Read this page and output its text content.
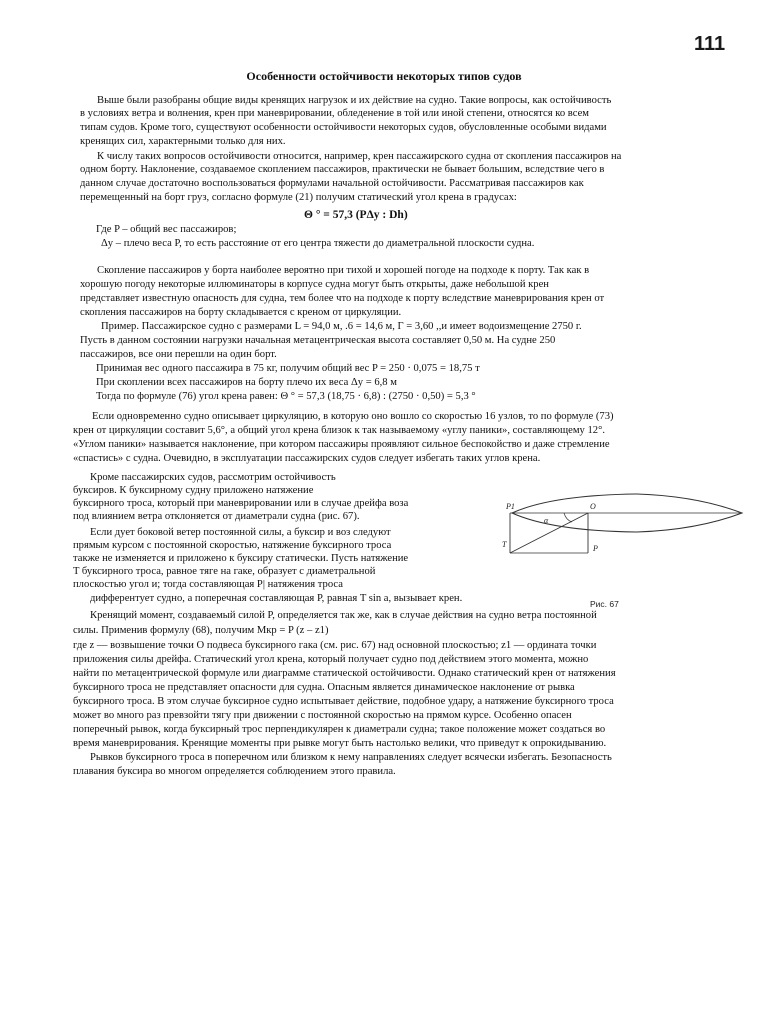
111
Особенности остойчивости некоторых типов судов

Выше были разобраны общие виды кренящих нагрузок и их действие на судно. Такие вопросы, как остойчивость

в условиях ветра и волнения, крен при маневрировании, обледенение в той или иной степени, относятся ко всем

типам судов. Кроме того, существуют особенности остойчивости некоторых судов, обусловленные особыми видами

кренящих сил, характерными только для них.

К числу таких вопросов остойчивости относится, например, крен пассажирского судна от скопления пассажиров на

одном борту. Наклонение, создаваемое скоплением пассажиров, практически не бывает большим, вследствие чего в

данном случае достаточно воспользоваться формулами начальной остойчивости. Рассматривая пассажиров как

перемещенный на борт груз, согласно формуле (21) получим статический угол крена в градусах:

Θ ° = 57,3 (PΔy : Dh)

Где P – общий вес пассажиров;

Δy – плечо веса P, то есть расстояние от его центра тяжести до диаметральной плоскости судна.

Скопление пассажиров у борта наиболее вероятно при тихой и хорошей погоде на подходе к порту. Так как в

хорошую погоду некоторые иллюминаторы в корпусе судна могут быть открыты, даже небольшой крен

представляет известную опасность для судна, тем более что на подходе к порту вследствие маневрирования крен от

скопления пассажиров на борту складывается с креном от циркуляции.

Пример. Пассажирское судно с размерами L = 94,0 м, .6 = 14,6 м, Г = 3,60 ,,и имеет водоизмещение 2750 г.

Пусть в данном состоянии нагрузки начальная метацентрическая высота составляет 0,50 м. На судне 250

пассажиров, все они перешли на один борт.

Принимая вес одного пассажира в 75 кг, получим общий вес P = 250 · 0,075 = 18,75 т

При скоплении всех пассажиров на борту плечо их веса Δy = 6,8 м

Тогда по формуле (76) угол крена равен: Θ ° = 57,3 (18,75 · 6,8) : (2750 · 0,50) = 5,3 °

Если одновременно судно описывает циркуляцию, в которую оно вошло со скоростью 16 узлов, то по формуле (73)

крен от циркуляции составит 5,6°, а общий угол крена близок к так называемому «углу паники», составляющему 12°.

«Углом паники» называется наклонение, при котором пассажиры проявляют сильное беспокойство и даже стремление

«спастись» с судна. Очевидно, в эксплуатации пассажирских судов следует избегать таких углов крена.

Кроме пассажирских судов, рассмотрим остойчивость

буксиров. К буксирному судну приложено натяжение

буксирного троса, который при маневрировании или в случае дрейфа воза

под влиянием ветра отклоняется от диаметрали судна (рис. 67).

Если дует боковой ветер постоянной силы, а буксир и воз следуют

прямым курсом с постоянной скоростью, натяжение буксирного троса

также не изменяется и приложено к буксиру статически. Пусть натяжение

T буксирного троса, равное тяге на гаке, образует с диаметральной

плоскостью угол и; тогда составляющая P| натяжения троса

дифферентует судно, а поперечная составляющая P, равная T sin a, вызывает крен.

Кренящий момент, создаваемый силой P, определяется так же, как в случае действия на судно ветра постоянной

силы. Применив формулу (68), получим Mкр = P (z – z1)

где z — возвышение точки O подвеса буксирного гака (см. рис. 67) над основной плоскостью; z1 — ордината точки

приложения силы дрейфа. Статический угол крена, который получает судно под действием этого момента, можно

найти по метацентрической формуле или диаграмме статической остойчивости. Однако статический крен от натяжения

буксирного троса не представляет опасности для судна. Опасным является динамическое наклонение от рывка

буксирного троса. В этом случае буксирное судно испытывает действие, подобное удару, а натяжение буксирного троса

может во много раз превзойти тягу при движении с постоянной скоростью на прямом курсе. Особенно опасен

поперечный рывок, когда буксирный трос перпендикулярен к диаметрали судна; такое положение может создаться во

время маневрирования. Кренящие моменты при рывке могут быть настолько велики, что приведут к опрокидыванию.

Рывков буксирного троса в поперечном или близком к нему направлениях следует всячески избегать. Безопасность

плавания буксира во многом определяется соблюдением этого правила.

P1	O
α
T	P
Рис. 67
